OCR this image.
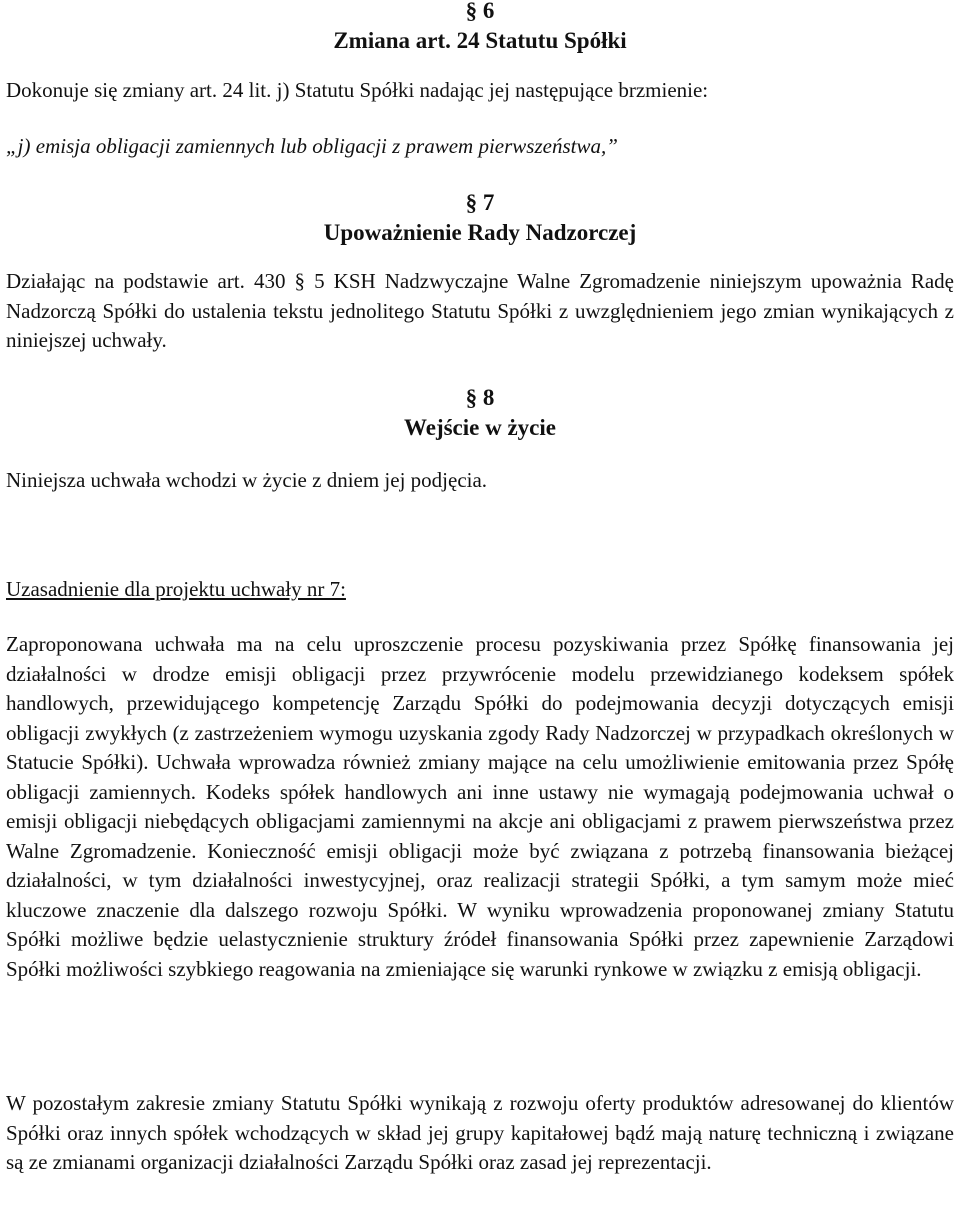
§ 6
Zmiana art. 24 Statutu Spółki

Dokonuje się zmiany art. 24 lit. j) Statutu Spółki nadając jej następujące brzmienie:

„j) emisja obligacji zamiennych lub obligacji z prawem pierwszeństwa,”

§ 7
Upoważnienie Rady Nadzorczej

Działając na podstawie art. 430 § 5 KSH Nadzwyczajne Walne Zgromadzenie niniejszym upoważnia Radę Nadzorczą Spółki do ustalenia tekstu jednolitego Statutu Spółki z uwzględnieniem jego zmian wynikających z niniejszej uchwały.

§ 8
Wejście w życie

Niniejsza uchwała wchodzi w życie z dniem jej podjęcia.

Uzasadnienie dla projektu uchwały nr 7:

Zaproponowana uchwała ma na celu uproszczenie procesu pozyskiwania przez Spółkę finansowania jej działalności w drodze emisji obligacji przez przywrócenie modelu przewidzianego kodeksem spółek handlowych, przewidującego kompetencję Zarządu Spółki do podejmowania decyzji dotyczących emisji obligacji zwykłych (z zastrzeżeniem wymogu uzyskania zgody Rady Nadzorczej w przypadkach określonych w Statucie Spółki). Uchwała wprowadza również zmiany mające na celu umożliwienie emitowania przez Spółę obligacji zamiennych. Kodeks spółek handlowych ani inne ustawy nie wymagają podejmowania uchwał o emisji obligacji niebędących obligacjami zamiennymi na akcje ani obligacjami z prawem pierwszeństwa przez Walne Zgromadzenie. Konieczność emisji obligacji może być związana z potrzebą finansowania bieżącej działalności, w tym działalności inwestycyjnej, oraz realizacji strategii Spółki, a tym samym może mieć kluczowe znaczenie dla dalszego rozwoju Spółki. W wyniku wprowadzenia proponowanej zmiany Statutu Spółki możliwe będzie uelastycznienie struktury źródeł finansowania Spółki przez zapewnienie Zarządowi Spółki możliwości szybkiego reagowania na zmieniające się warunki rynkowe w związku z emisją obligacji.

W pozostałym zakresie zmiany Statutu Spółki wynikają z rozwoju oferty produktów adresowanej do klientów Spółki oraz innych spółek wchodzących w skład jej grupy kapitałowej bądź mają naturę techniczną i związane są ze zmianami organizacji działalności Zarządu Spółki oraz zasad jej reprezentacji.
